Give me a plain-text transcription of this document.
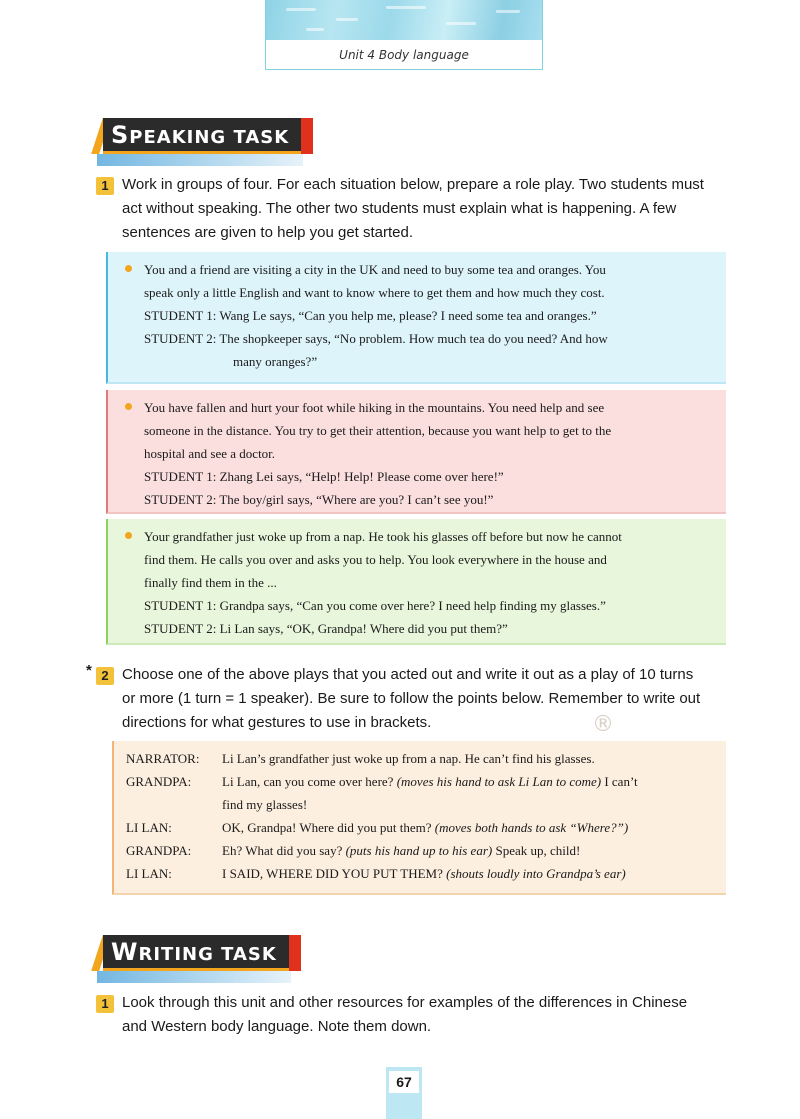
Unit 4 Body language
SPEAKING TASK
1 Work in groups of four. For each situation below, prepare a role play. Two students must
act without speaking. The other two students must explain what is happening. A few
sentences are given to help you get started.

You and a friend are visiting a city in the UK and need to buy some tea and oranges. You

speak only a little English and want to know where to get them and how much they cost.

STUDENT 1: Wang Le says, “Can you help me, please? I need some tea and oranges.”

STUDENT 2: The shopkeeper says, “No problem. How much tea do you need? And how

many oranges?”

You have fallen and hurt your foot while hiking in the mountains. You need help and see

someone in the distance. You try to get their attention, because you want help to get to the

hospital and see a doctor.

STUDENT 1: Zhang Lei says, “Help! Help! Please come over here!”

STUDENT 2: The boy/girl says, “Where are you? I can’t see you!”

Your grandfather just woke up from a nap. He took his glasses off before but now he cannot

find them. He calls you over and asks you to help. You look everywhere in the house and

finally find them in the ...

STUDENT 1: Grandpa says, “Can you come over here? I need help finding my glasses.”

STUDENT 2: Li Lan says, “OK, Grandpa! Where did you put them?”

* 2 Choose one of the above plays that you acted out and write it out as a play of 10 turns
or more (1 turn = 1 speaker). Be sure to follow the points below. Remember to write out
directions for what gestures to use in brackets.	®
NARRATOR:	Li Lan’s grandfather just woke up from a nap. He can’t find his glasses.
GRANDPA:	Li Lan, can you come over here? (moves his hand to ask Li Lan to come) I can’t
find my glasses!
LI LAN:	OK, Grandpa! Where did you put them? (moves both hands to ask “Where?”)
GRANDPA:	Eh? What did you say? (puts his hand up to his ear) Speak up, child!
LI LAN:	I SAID, WHERE DID YOU PUT THEM? (shouts loudly into Grandpa’s ear)
WRITING TASK
1 Look through this unit and other resources for examples of the differences in Chinese
and Western body language. Note them down.
67
